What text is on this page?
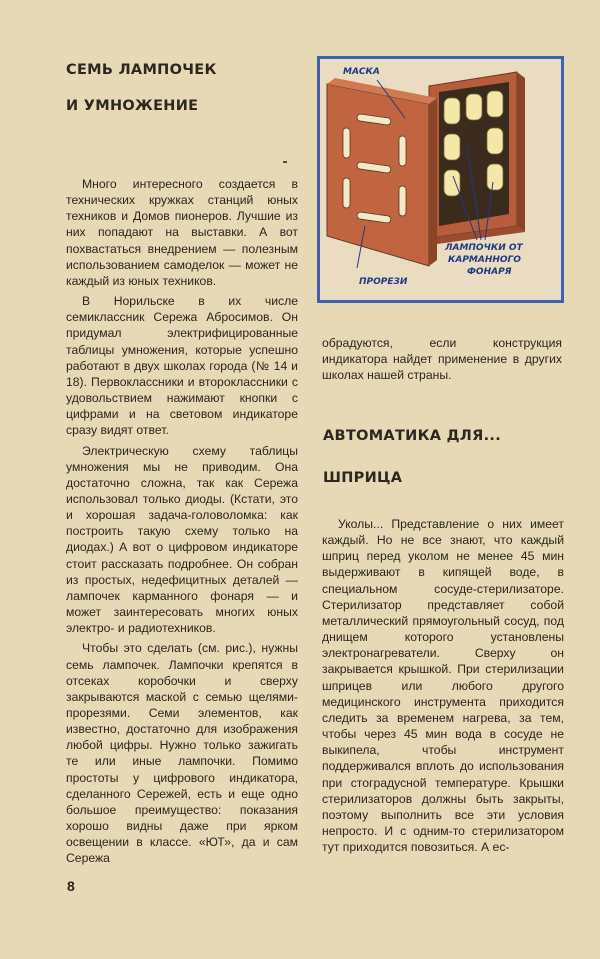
СЕМЬ ЛАМПОЧЕК
И УМНОЖЕНИЕ

Много интересного создается в технических кружках станций юных техников и Домов пионеров. Лучшие из них попадают на выставки. А вот похвастаться внедрением — полезным использованием самоделок — может не каждый из юных техников.

В Норильске в их числе семиклассник Сережа Абросимов. Он придумал электрифицированные таблицы умножения, которые успешно работают в двух школах города (№ 14 и 18). Первоклассники и второклассники с удовольствием нажимают кнопки с цифрами и на световом индикаторе сразу видят ответ.

Электрическую схему таблицы умножения мы не приводим. Она достаточно сложна, так как Сережа использовал только диоды. (Кстати, это и хорошая задача-головоломка: как построить такую схему только на диодах.) А вот о цифровом индикаторе стоит рассказать подробнее. Он собран из простых, недефицитных деталей — лампочек карманного фонаря — и может заинтересовать многих юных электро- и радиотехников.

Чтобы это сделать (см. рис.), нужны семь лампочек. Лампочки крепятся в отсеках коробочки и сверху закрываются маской с семью щелями-прорезями. Семи элементов, как известно, достаточно для изображения любой цифры. Нужно только зажигать те или иные лампочки. Помимо простоты у цифрового индикатора, сделанного Сережей, есть и еще одно большое преимущество: показания хорошо видны даже при ярком освещении в классе. «ЮТ», да и сам Сережа

МАСКА
ЛАМПОЧКИ ОТ
КАРМАННОГО
ФОНАРЯ
ПРОРЕЗИ

обрадуются, если конструкция индикатора найдет применение в других школах нашей страны.

АВТОМАТИКА ДЛЯ...
ШПРИЦА

Уколы... Представление о них имеет каждый. Но не все знают, что каждый шприц перед уколом не менее 45 мин выдерживают в кипящей воде, в специальном сосуде-стерилизаторе. Стерилизатор представляет собой металлический прямоугольный сосуд, под днищем которого установлены электронагреватели. Сверху он закрывается крышкой. При стерилизации шприцев или любого другого медицинского инструмента приходится следить за временем нагрева, за тем, чтобы через 45 мин вода в сосуде не выкипела, чтобы инструмент поддерживался вплоть до использования при стоградусной температуре. Крышки стерилизаторов должны быть закрыты, поэтому выполнить все эти условия непросто. И с одним-то стерилизатором тут приходится повозиться. А ес-

8
